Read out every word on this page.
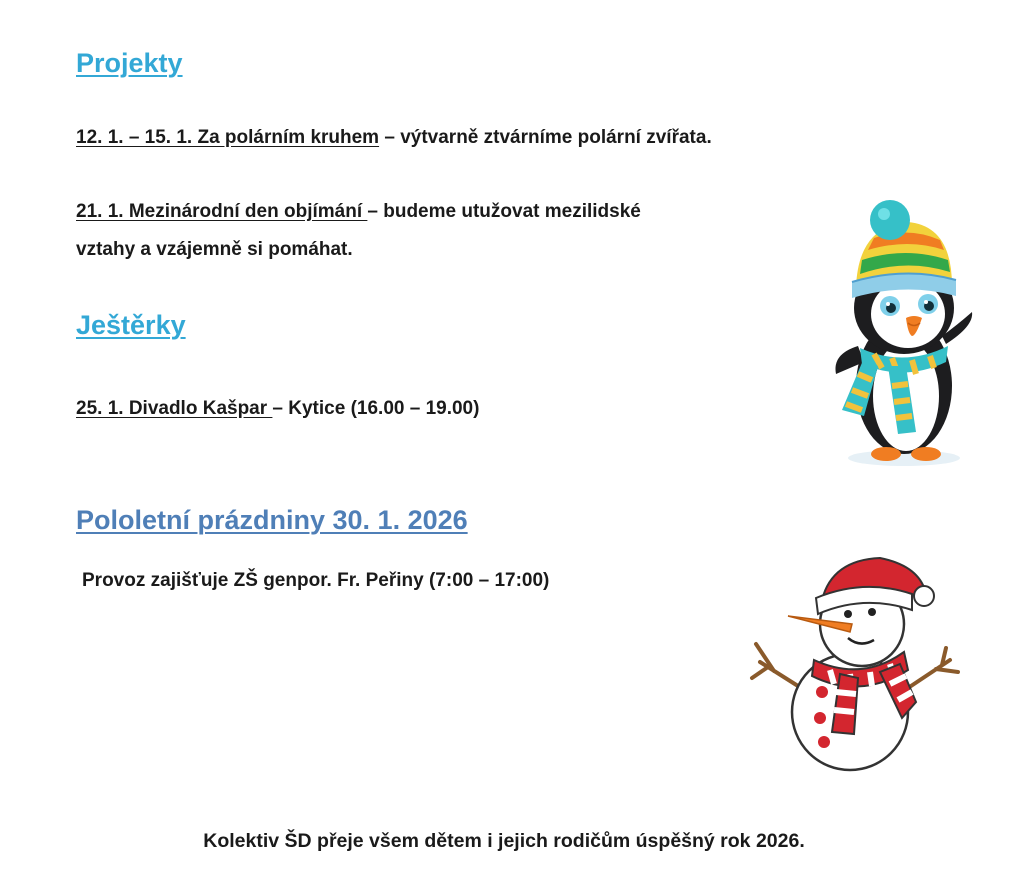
Projekty
12. 1. – 15. 1. Za polárním kruhem – výtvarně ztvárníme polární zvířata.
21. 1. Mezinárodní den objímání – budeme utužovat mezilidské
vztahy a vzájemně si pomáhat.
Ještěrky
25. 1. Divadlo Kašpar – Kytice (16.00 – 19.00)
Pololetní prázdniny 30. 1. 2026
Provoz zajišťuje ZŠ genpor. Fr. Peřiny (7:00 – 17:00)
Kolektiv ŠD přeje všem dětem i jejich rodičům úspěšný rok 2026.
